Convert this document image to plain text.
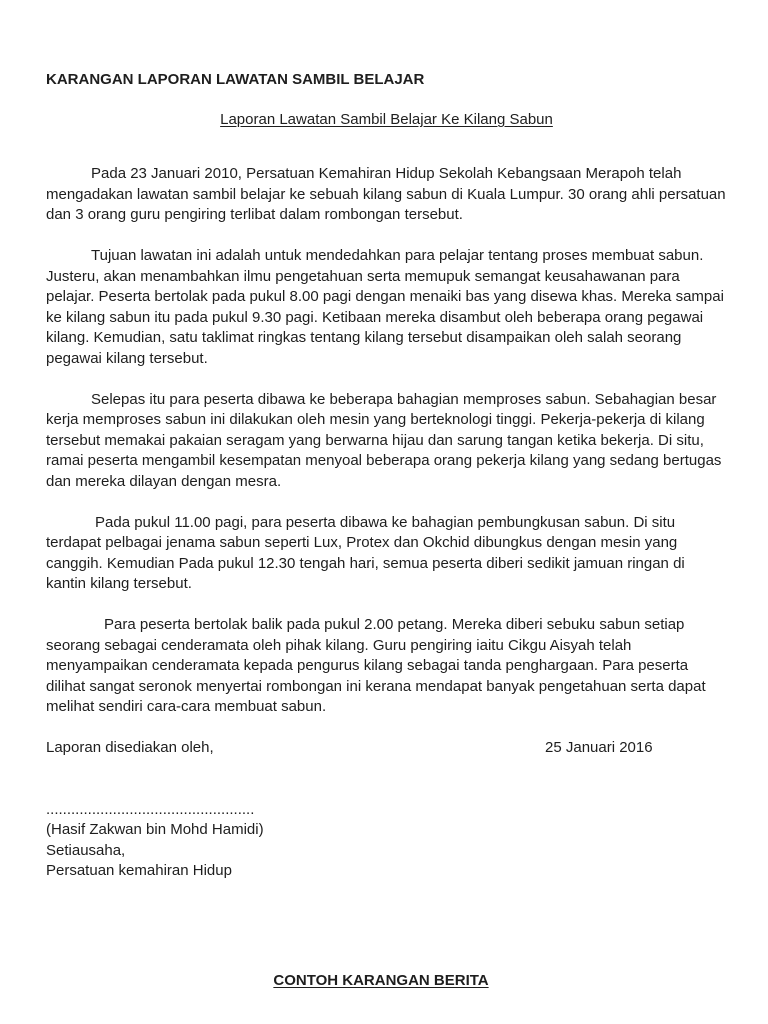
KARANGAN LAPORAN LAWATAN SAMBIL BELAJAR
Laporan Lawatan Sambil Belajar Ke Kilang Sabun
Pada 23 Januari 2010, Persatuan Kemahiran Hidup Sekolah Kebangsaan Merapoh telah
mengadakan lawatan sambil belajar ke sebuah kilang sabun di Kuala Lumpur. 30 orang ahli persatuan
dan 3 orang guru pengiring terlibat dalam rombongan tersebut.
Tujuan lawatan ini adalah untuk mendedahkan para pelajar tentang proses membuat sabun.
Justeru, akan menambahkan ilmu pengetahuan serta memupuk semangat keusahawanan para
pelajar. Peserta bertolak pada pukul 8.00 pagi dengan menaiki bas yang disewa khas. Mereka sampai
ke kilang sabun itu pada pukul 9.30 pagi. Ketibaan mereka disambut oleh beberapa orang pegawai
kilang. Kemudian, satu taklimat ringkas tentang kilang tersebut disampaikan oleh salah seorang
pegawai kilang tersebut.
Selepas itu para peserta dibawa ke beberapa bahagian memproses sabun. Sebahagian besar
kerja memproses sabun ini dilakukan oleh mesin yang berteknologi tinggi. Pekerja-pekerja di kilang
tersebut memakai pakaian seragam yang berwarna hijau dan sarung tangan ketika bekerja. Di situ,
ramai peserta mengambil kesempatan menyoal beberapa orang pekerja kilang yang sedang bertugas
dan mereka dilayan dengan mesra.
Pada pukul 11.00 pagi, para peserta dibawa ke bahagian pembungkusan sabun. Di situ
terdapat pelbagai jenama sabun seperti Lux, Protex dan Okchid dibungkus dengan mesin yang
canggih. Kemudian Pada pukul 12.30 tengah hari, semua peserta diberi sedikit jamuan ringan di
kantin kilang tersebut.
Para peserta bertolak balik pada pukul 2.00 petang. Mereka diberi sebuku sabun setiap
seorang sebagai cenderamata oleh pihak kilang. Guru pengiring iaitu Cikgu Aisyah telah
menyampaikan cenderamata kepada pengurus kilang sebagai tanda penghargaan. Para peserta
dilihat sangat seronok menyertai rombongan ini kerana mendapat banyak pengetahuan serta dapat
melihat sendiri cara-cara membuat sabun.
Laporan disediakan oleh,	25 Januari 2016
..................................................
(Hasif Zakwan bin Mohd Hamidi)
Setiausaha,
Persatuan kemahiran Hidup
CONTOH KARANGAN BERITA
